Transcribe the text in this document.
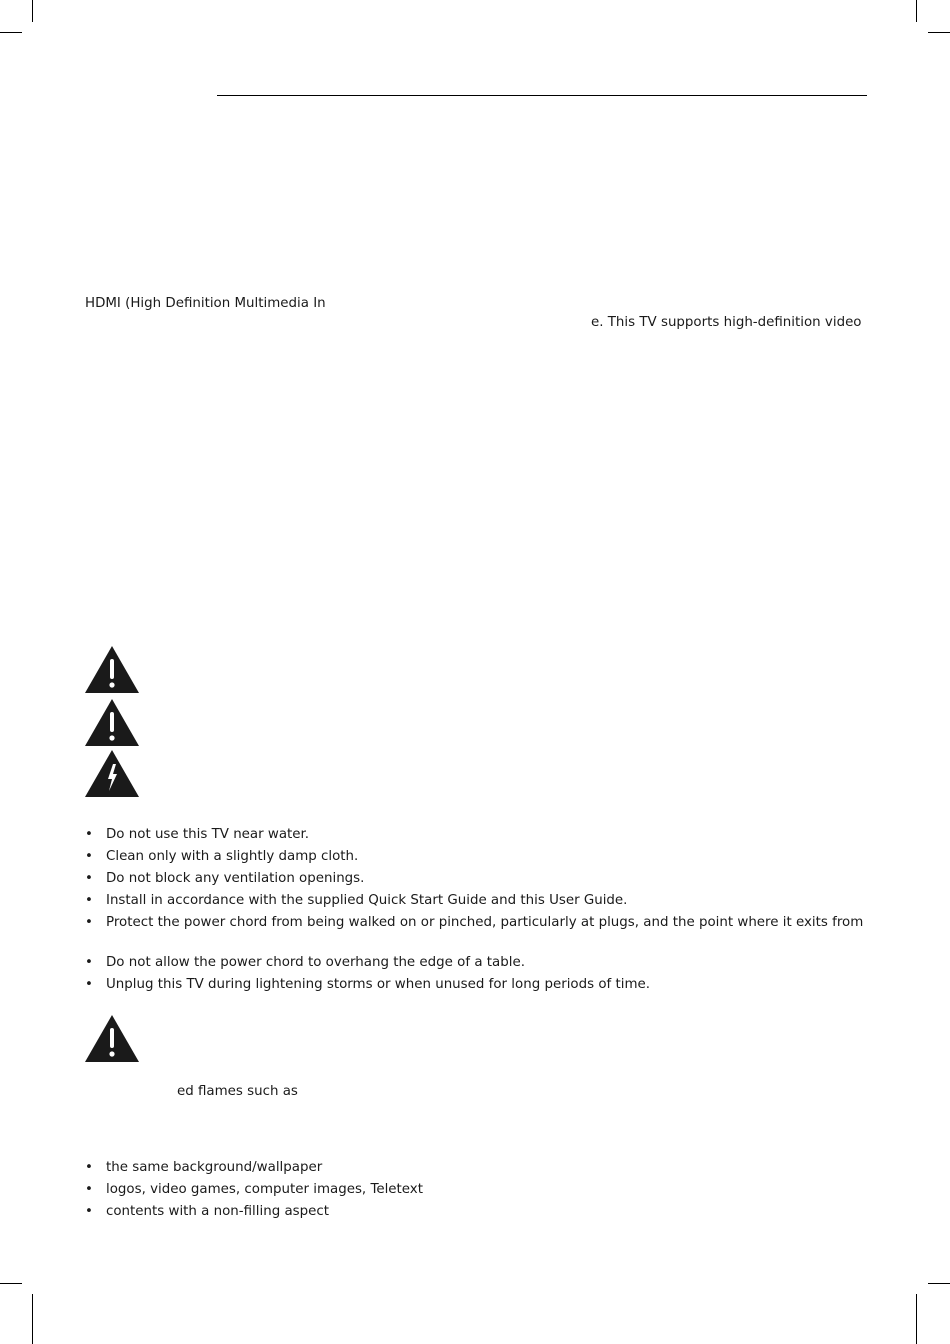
HDMI (High Definition Multimedia In
e. This TV supports high-definition video
• Do not use this TV near water.
• Clean only with a slightly damp cloth.
• Do not block any ventilation openings.
• Install in accordance with the supplied Quick Start Guide and this User Guide.
• Protect the power chord from being walked on or pinched, particularly at plugs, and the point where it exits from
• Do not allow the power chord to overhang the edge of a table.
• Unplug this TV during lightening storms or when unused for long periods of time.
ed flames such as
• the same background/wallpaper
• logos, video games, computer images, Teletext
• contents with a non-filling aspect
